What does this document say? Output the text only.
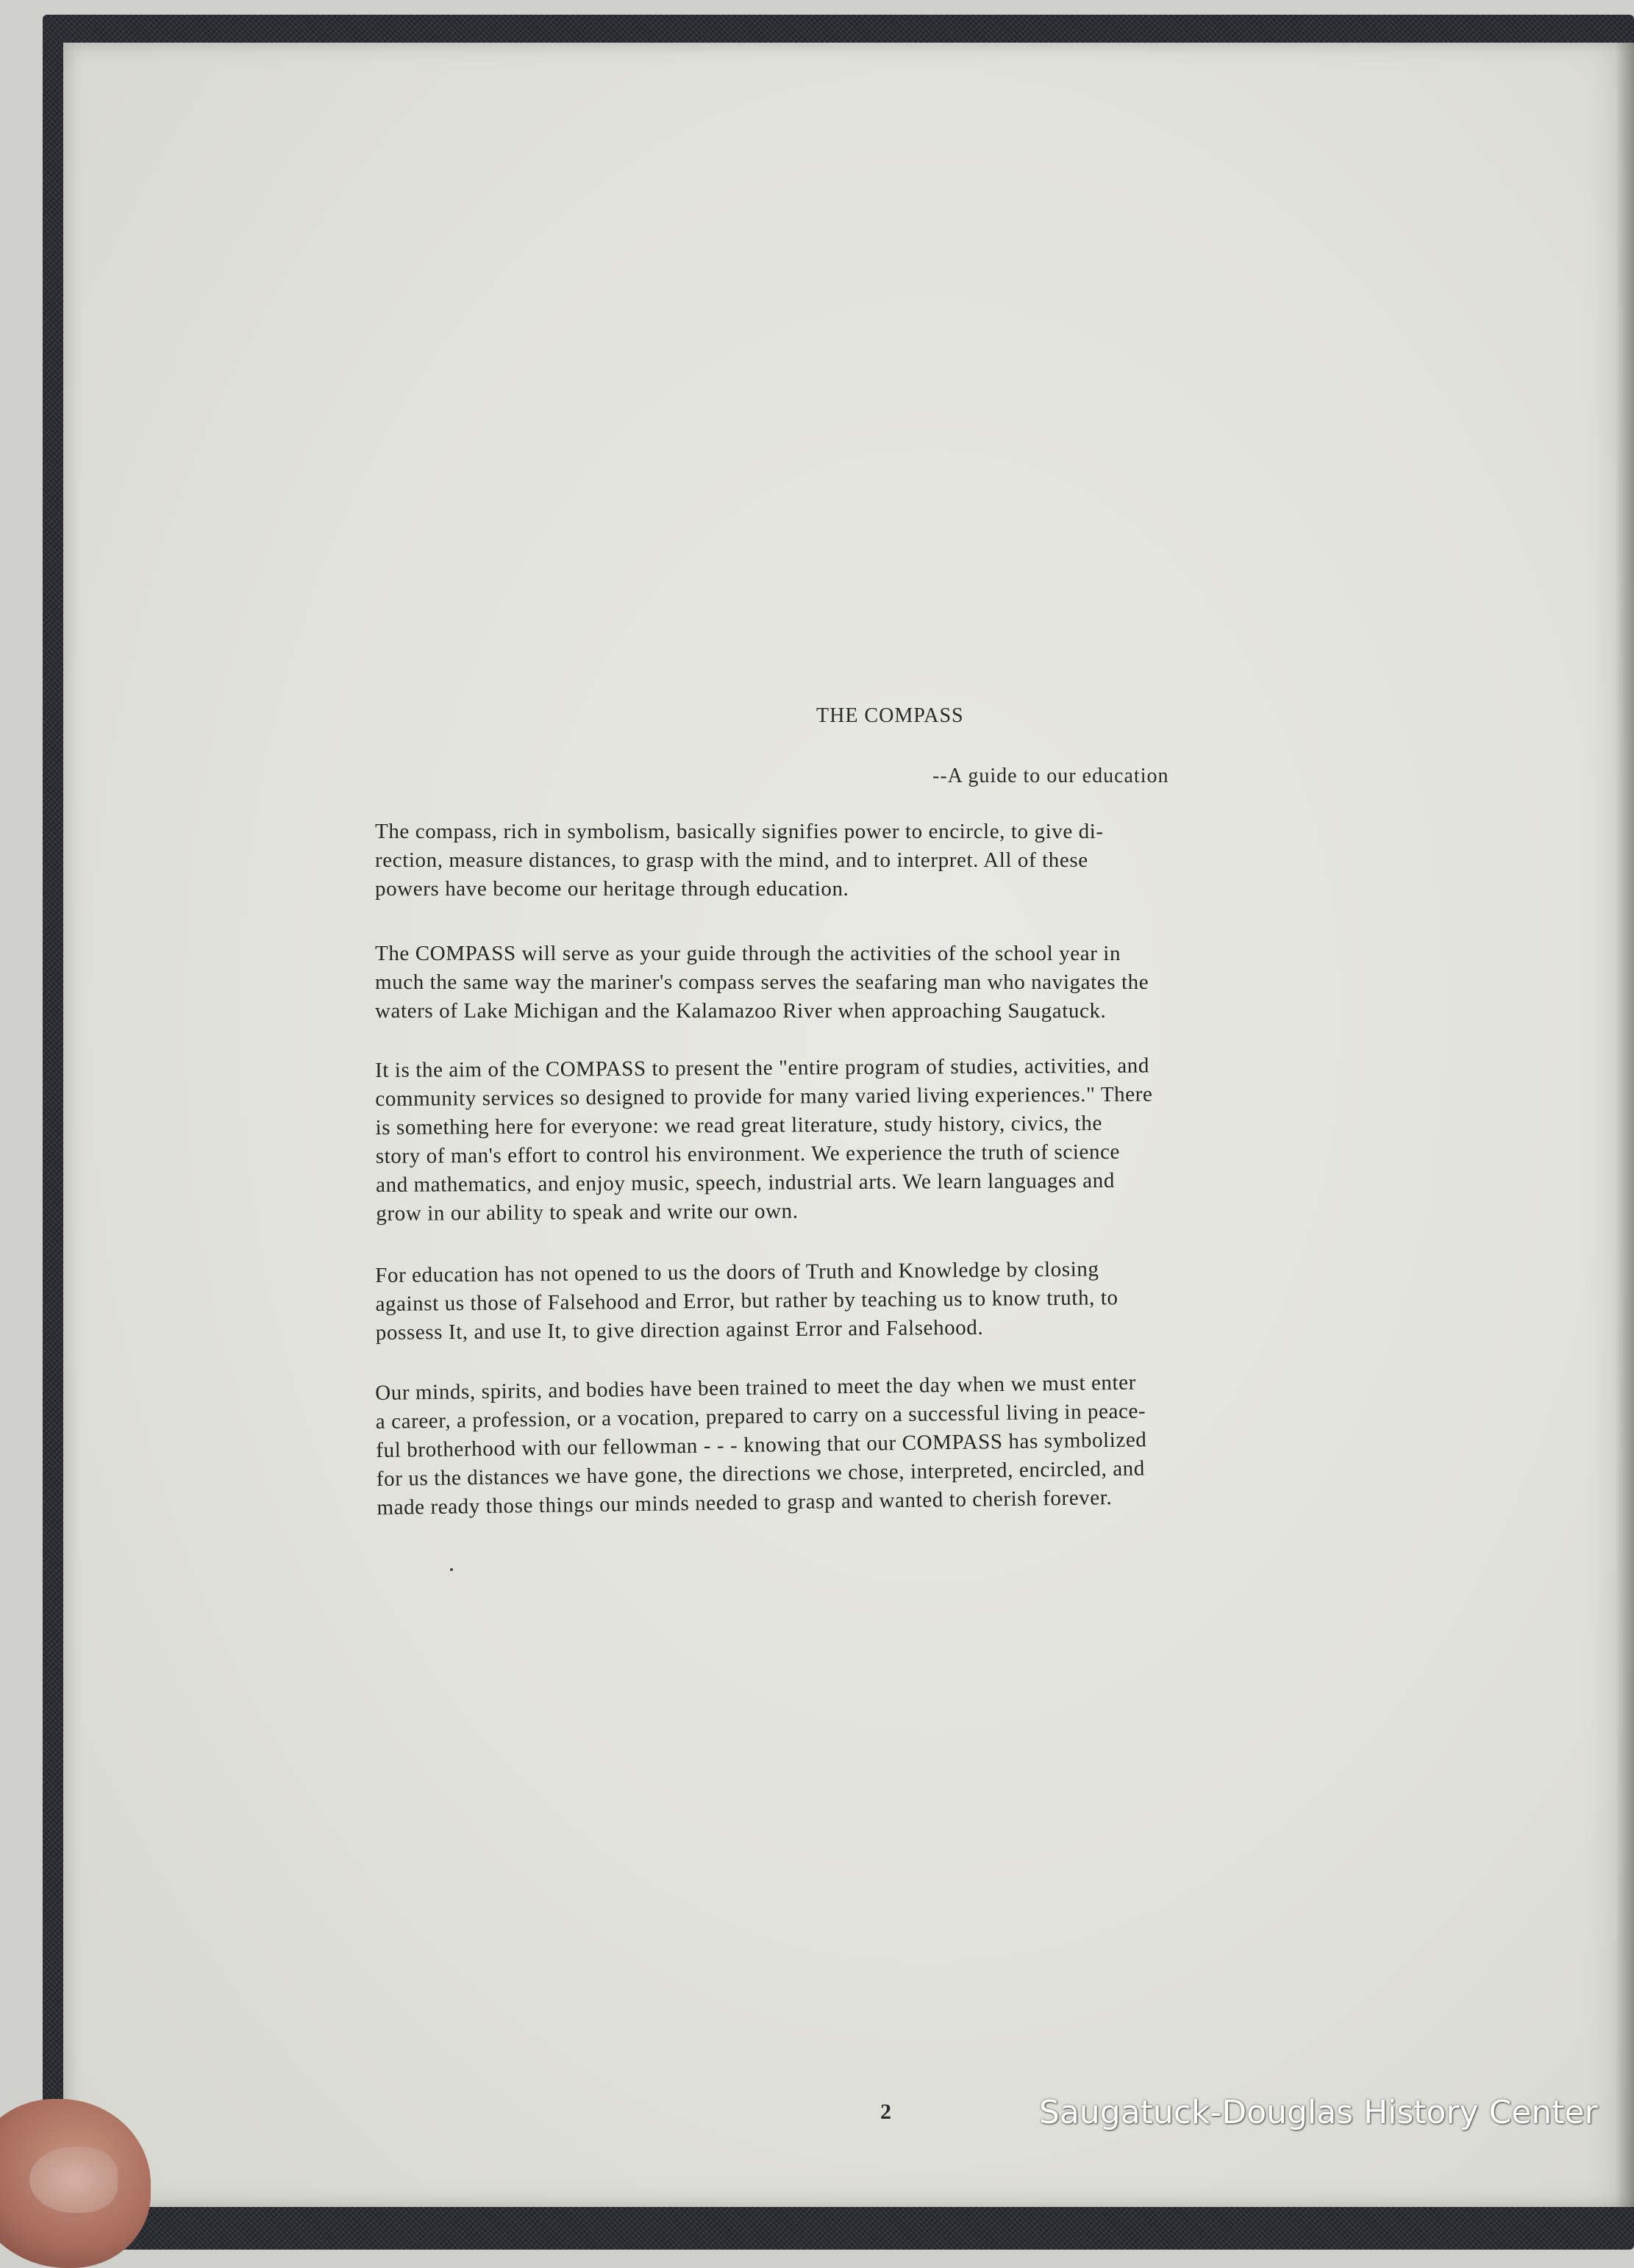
THE COMPASS
--A guide to our education

The compass, rich in symbolism, basically signifies power to encircle, to give di-
rection, measure distances, to grasp with the mind, and to interpret. All of these
powers have become our heritage through education.

The COMPASS will serve as your guide through the activities of the school year in
much the same way the mariner's compass serves the seafaring man who navigates the
waters of Lake Michigan and the Kalamazoo River when approaching Saugatuck.

It is the aim of the COMPASS to present the "entire program of studies, activities, and
community services so designed to provide for many varied living experiences." There
is something here for everyone: we read great literature, study history, civics, the
story of man's effort to control his environment. We experience the truth of science
and mathematics, and enjoy music, speech, industrial arts. We learn languages and
grow in our ability to speak and write our own.

For education has not opened to us the doors of Truth and Knowledge by closing
against us those of Falsehood and Error, but rather by teaching us to know truth, to
possess It, and use It, to give direction against Error and Falsehood.

Our minds, spirits, and bodies have been trained to meet the day when we must enter
a career, a profession, or a vocation, prepared to carry on a successful living in peace-
ful brotherhood with our fellowman - - - knowing that our COMPASS has symbolized
for us the distances we have gone, the directions we chose, interpreted, encircled, and
made ready those things our minds needed to grasp and wanted to cherish forever.

2	Saugatuck-Douglas History Center
